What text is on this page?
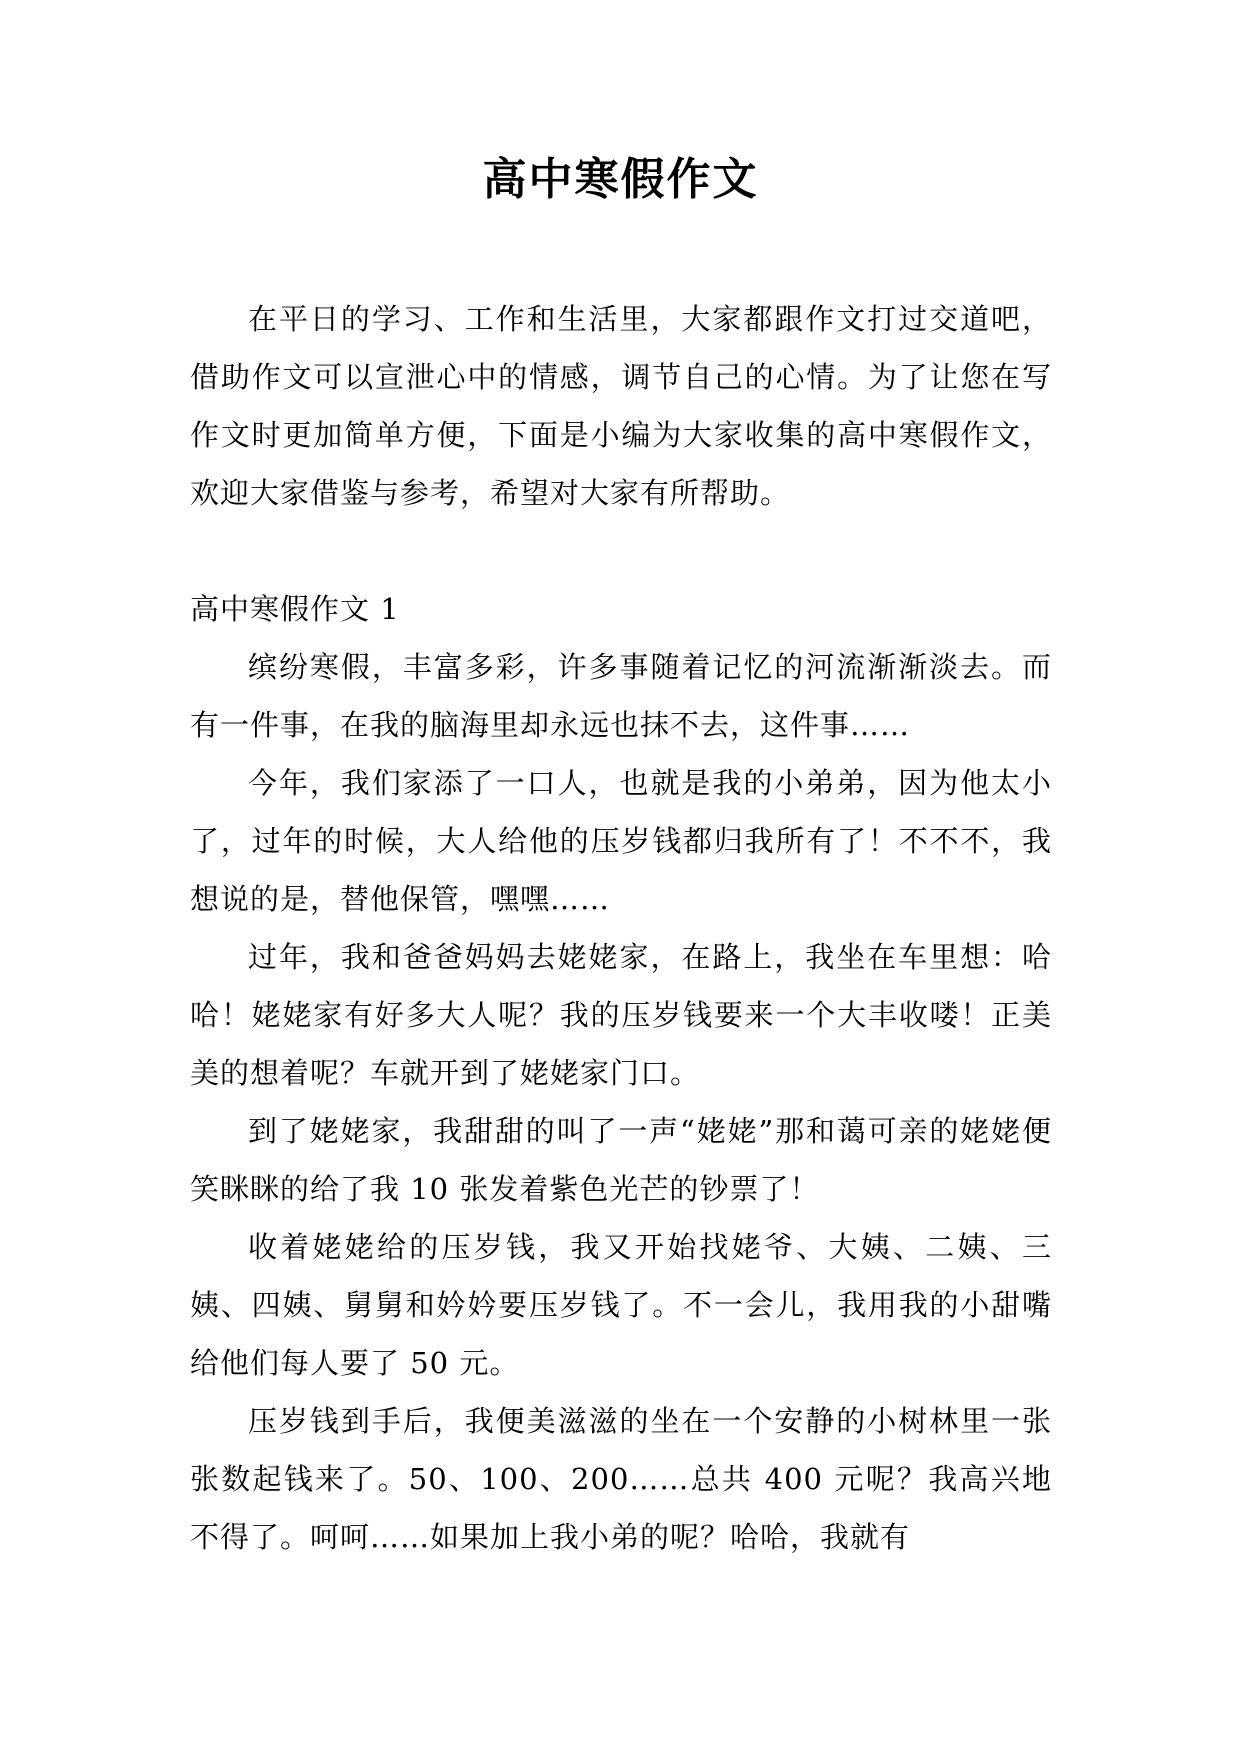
高中寒假作文

在平日的学习、工作和生活里，大家都跟作文打过交道吧，借助作文可以宣泄心中的情感，调节自己的心情。为了让您在写作文时更加简单方便，下面是小编为大家收集的高中寒假作文，欢迎大家借鉴与参考，希望对大家有所帮助。

高中寒假作文 1

缤纷寒假，丰富多彩，许多事随着记忆的河流渐渐淡去。而有一件事，在我的脑海里却永远也抹不去，这件事……

今年，我们家添了一口人，也就是我的小弟弟，因为他太小了，过年的时候，大人给他的压岁钱都归我所有了！不不不，我想说的是，替他保管，嘿嘿……

过年，我和爸爸妈妈去姥姥家，在路上，我坐在车里想：哈哈！姥姥家有好多大人呢？我的压岁钱要来一个大丰收喽！正美美的想着呢？车就开到了姥姥家门口。

到了姥姥家，我甜甜的叫了一声“姥姥”那和蔼可亲的姥姥便笑眯眯的给了我 10 张发着紫色光芒的钞票了！

收着姥姥给的压岁钱，我又开始找姥爷、大姨、二姨、三姨、四姨、舅舅和妗妗要压岁钱了。不一会儿，我用我的小甜嘴给他们每人要了 50 元。

压岁钱到手后，我便美滋滋的坐在一个安静的小树林里一张张数起钱来了。50、100、200……总共 400 元呢？我高兴地不得了。呵呵……如果加上我小弟的呢？哈哈，我就有
